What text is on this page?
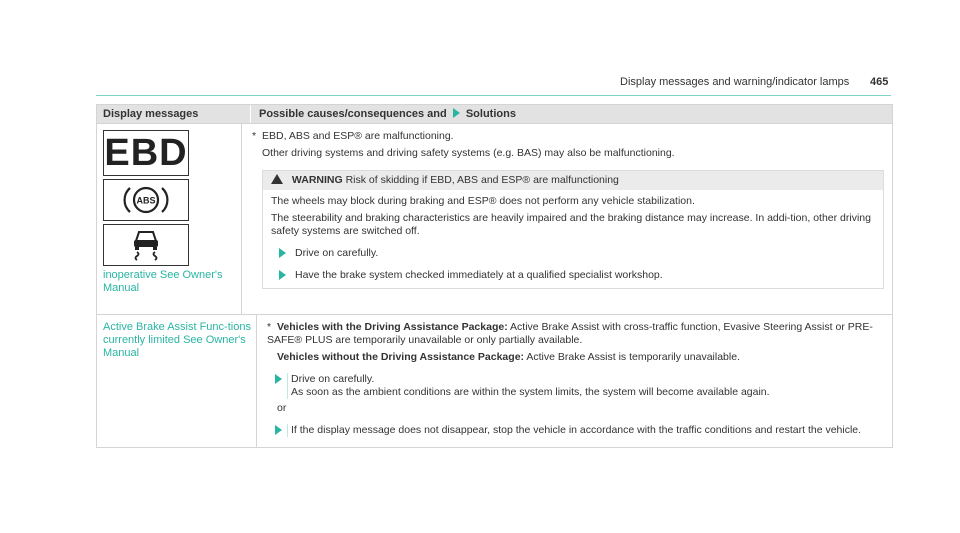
Display messages and warning/indicator lamps 465
Display messages	Possible causes/consequences and Solutions
EBD
ABS
inoperative See Owner's Manual
* EBD, ABS and ESP® are malfunctioning.
Other driving systems and driving safety systems (e.g. BAS) may also be malfunctioning.
WARNING Risk of skidding if EBD, ABS and ESP® are malfunctioning
The wheels may block during braking and ESP® does not perform any vehicle stabilization.
The steerability and braking characteristics are heavily impaired and the braking distance may increase. In addi-tion, other driving safety systems are switched off.
Drive on carefully.
Have the brake system checked immediately at a qualified specialist workshop.
Active Brake Assist Func-tions currently limited See Owner's Manual
* Vehicles with the Driving Assistance Package: Active Brake Assist with cross-traffic function, Evasive Steering Assist or PRE-SAFE® PLUS are temporarily unavailable or only partially available.
Vehicles without the Driving Assistance Package: Active Brake Assist is temporarily unavailable.
Drive on carefully.
As soon as the ambient conditions are within the system limits, the system will become available again.
or
If the display message does not disappear, stop the vehicle in accordance with the traffic conditions and restart the vehicle.
